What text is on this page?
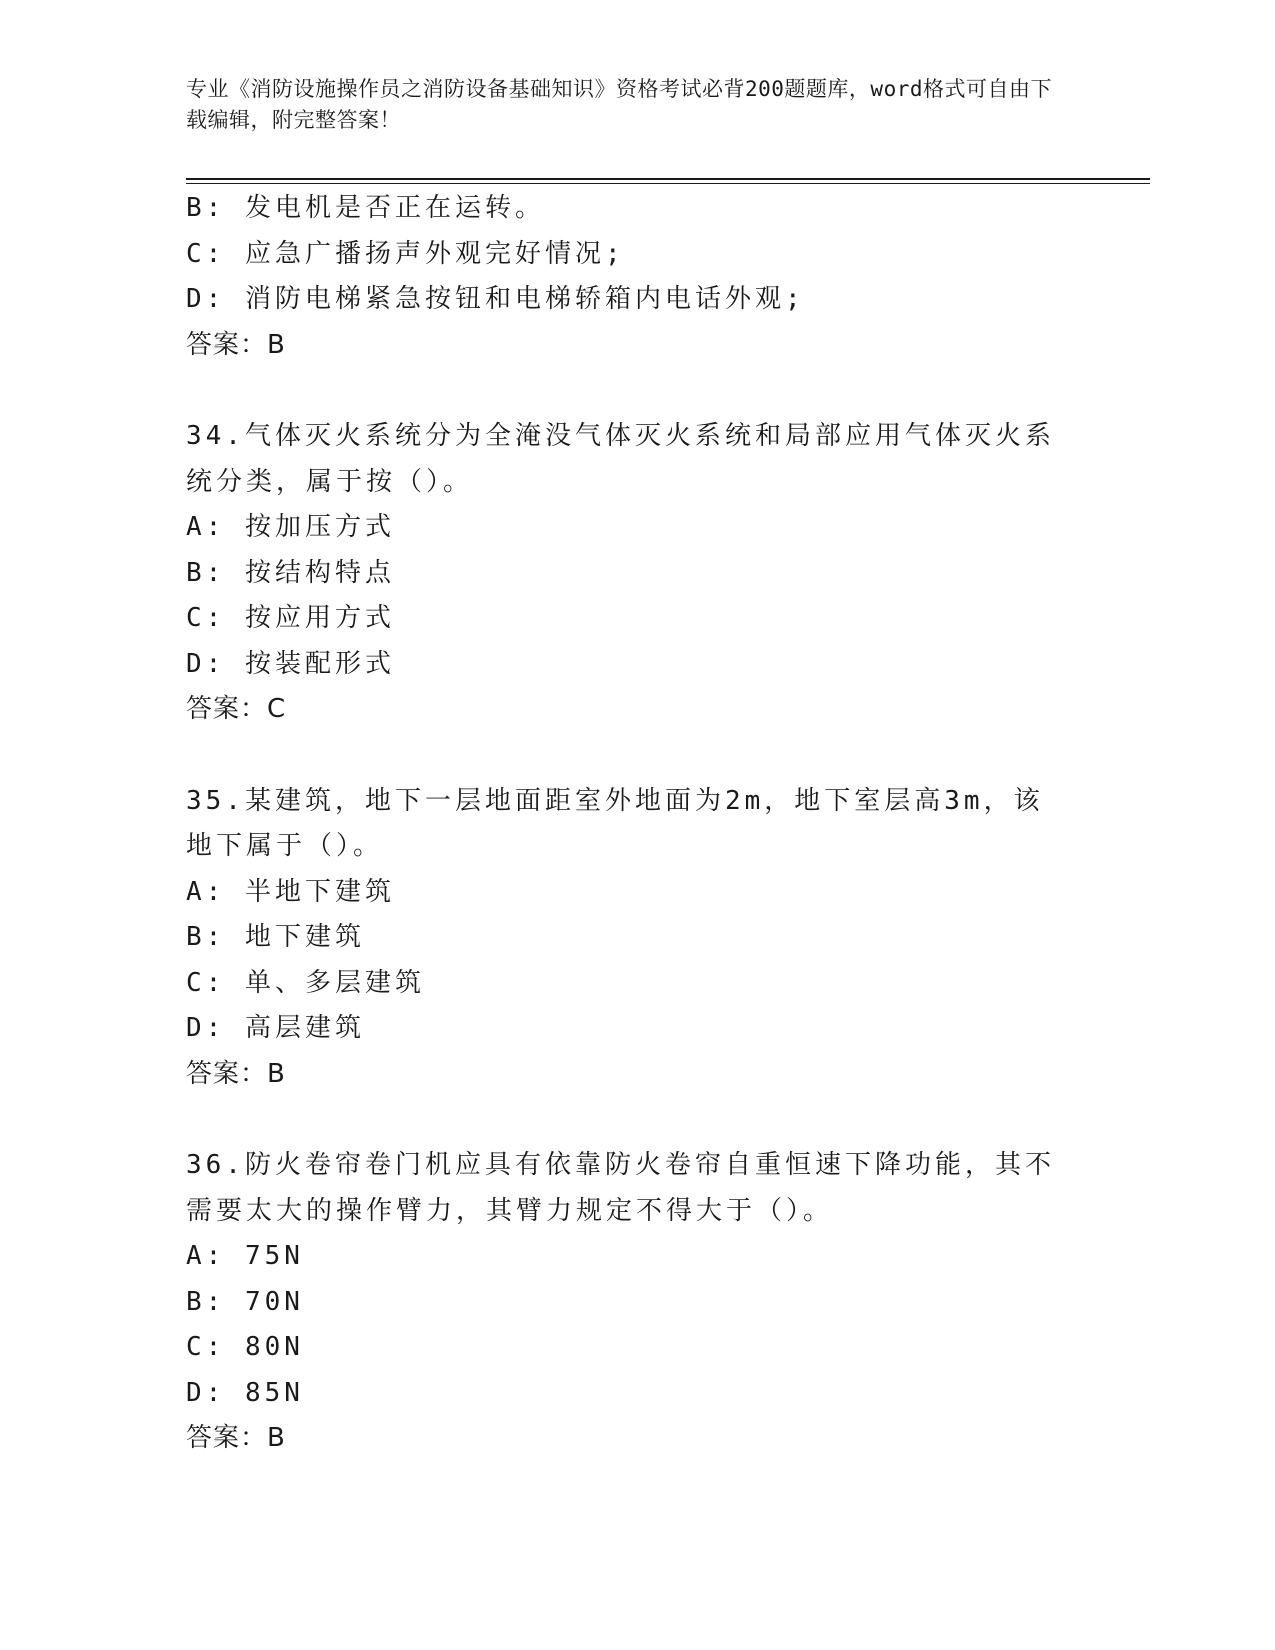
专业《消防设施操作员之消防设备基础知识》资格考试必背200题题库，word格式可自由下载编辑，附完整答案！
B: 发电机是否正在运转。
C: 应急广播扬声外观完好情况;
D: 消防电梯紧急按钮和电梯轿箱内电话外观;
答案：B
34.气体灭火系统分为全淹没气体灭火系统和局部应用气体灭火系统分类，属于按（）。
A: 按加压方式
B: 按结构特点
C: 按应用方式
D: 按装配形式
答案：C
35.某建筑，地下一层地面距室外地面为2m，地下室层高3m，该地下属于（）。
A: 半地下建筑
B: 地下建筑
C: 单、多层建筑
D: 高层建筑
答案：B
36.防火卷帘卷门机应具有依靠防火卷帘自重恒速下降功能，其不需要太大的操作臂力，其臂力规定不得大于（）。
A: 75N
B: 70N
C: 80N
D: 85N
答案：B
